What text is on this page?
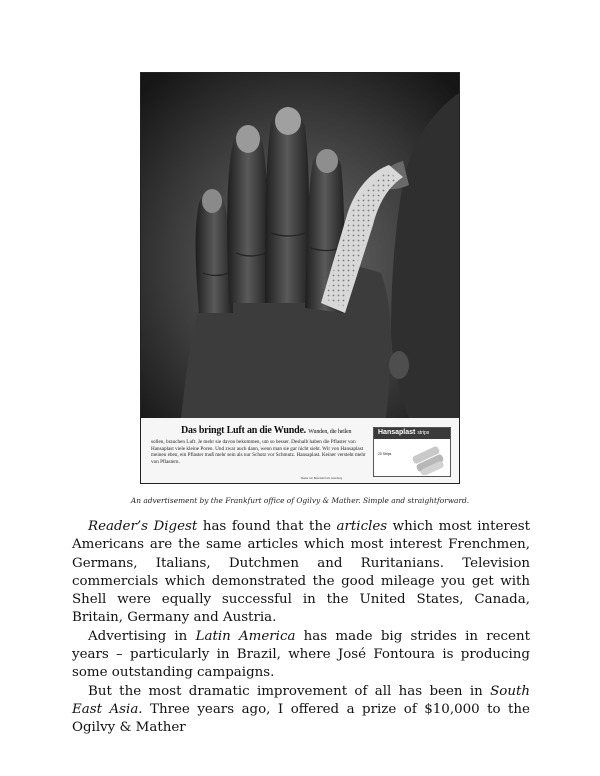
Das bringt Luft an die Wunde. Wunden, die heilen
sollen, brauchen Luft. Je mehr sie davon bekommen, um so besser. Deshalb haben die Pflaster von Hansaplast viele kleine Poren. Und zwar auch dann, wenn man sie gar nicht sieht. Wir von Hansaplast meinen eben, ein Pflaster muß mehr sein als nur Schutz vor Schmutz. Hansaplast. Keiner versteht mehr von Pflastern.
Marke von Beiersdorf AG, Hamburg
Hansaplast strips
20 Strips
An advertisement by the Frankfurt office of Ogilvy & Mather. Simple and straightforward.

Reader’s Digest has found that the articles which most interest Americans are the same articles which most interest Frenchmen, Germans, Italians, Dutchmen and Ruritanians. Television commercials which demonstrated the good mileage you get with Shell were equally successful in the United States, Canada, Britain, Germany and Austria.

Advertising in Latin America has made big strides in recent years – particularly in Brazil, where José Fontoura is producing some outstanding campaigns.

But the most dramatic improvement of all has been in South East Asia. Three years ago, I offered a prize of $10,000 to the Ogilvy & Mather
